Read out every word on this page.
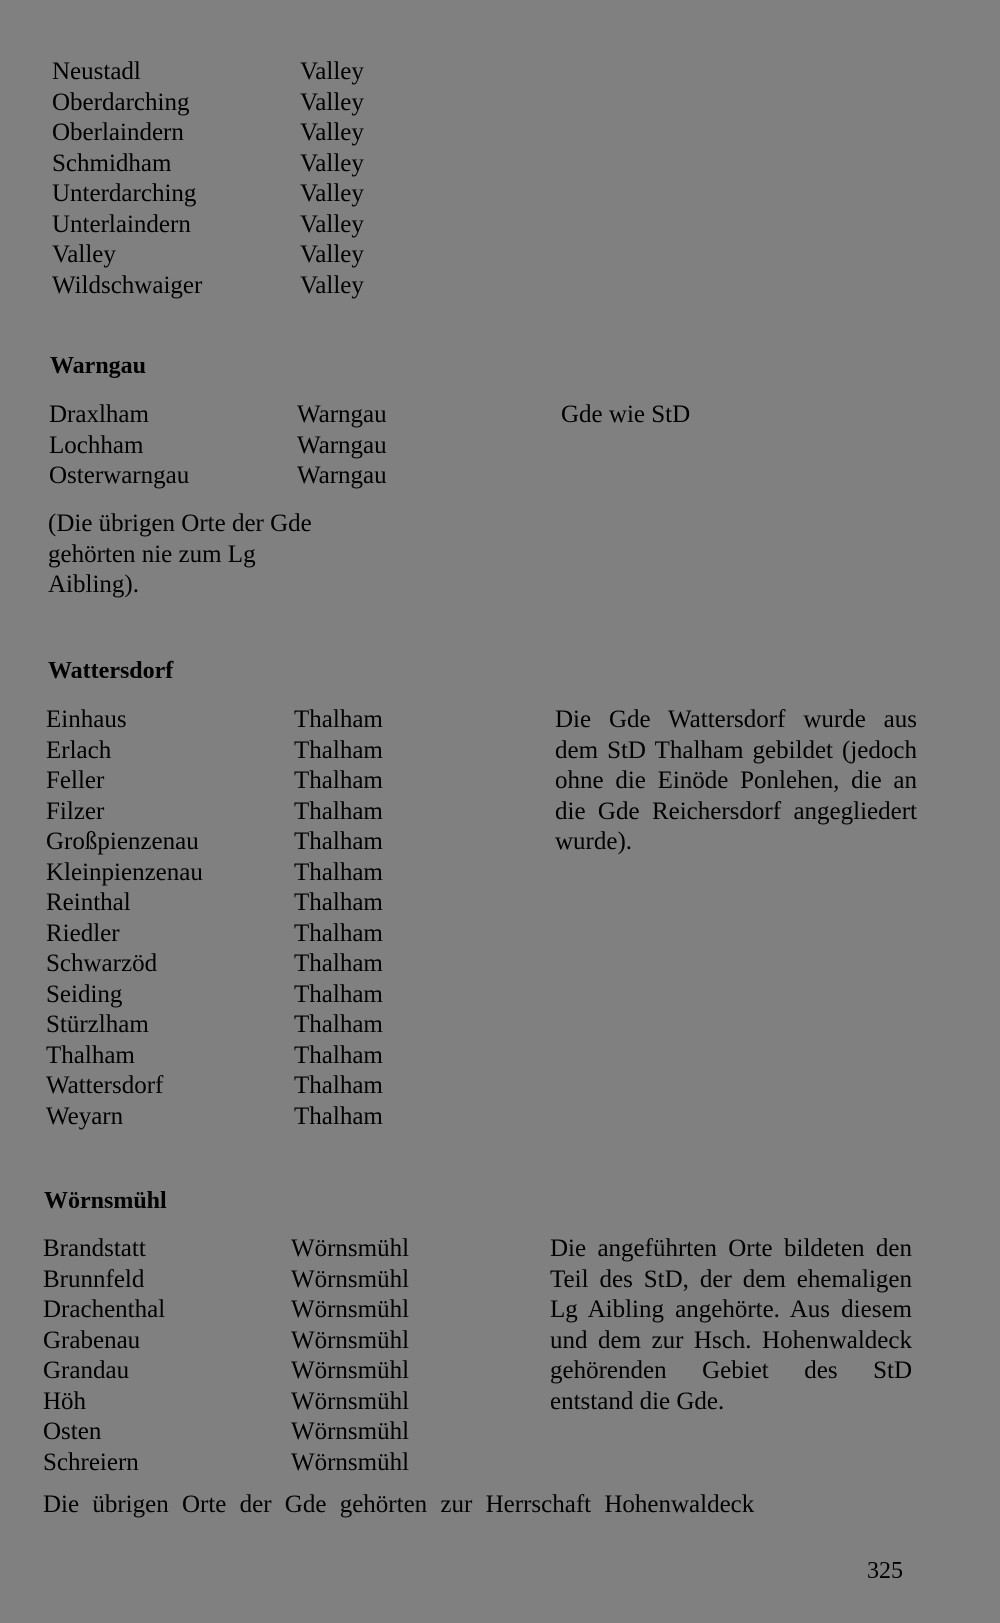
Neustadl	Valley
Oberdarching	Valley
Oberlaindern	Valley
Schmidham	Valley
Unterdarching	Valley
Unterlaindern	Valley
Valley	Valley
Wildschwaiger	Valley
Warngau
Draxlham	Warngau
Lochham	Warngau
Osterwarngau	Warngau
Gde wie StD
(Die übrigen Orte der Gde gehörten nie zum Lg Aibling).
Wattersdorf
Einhaus	Thalham
Erlach	Thalham
Feller	Thalham
Filzer	Thalham
Großpienzenau	Thalham
Kleinpienzenau	Thalham
Reinthal	Thalham
Riedler	Thalham
Schwarzöd	Thalham
Seiding	Thalham
Stürzlham	Thalham
Thalham	Thalham
Wattersdorf	Thalham
Weyarn	Thalham
Die Gde Wattersdorf wurde aus dem StD Thalham gebildet (jedoch ohne die Einöde Ponlehen, die an die Gde Reichersdorf angegliedert wurde).
Wörnsmühl
Brandstatt	Wörnsmühl
Brunnfeld	Wörnsmühl
Drachenthal	Wörnsmühl
Grabenau	Wörnsmühl
Grandau	Wörnsmühl
Höh	Wörnsmühl
Osten	Wörnsmühl
Schreiern	Wörnsmühl
Die angeführten Orte bildeten den Teil des StD, der dem ehemaligen Lg Aibling angehörte. Aus diesem und dem zur Hsch. Hohenwaldeck gehörenden Gebiet des StD entstand die Gde.
Die übrigen Orte der Gde gehörten zur Herrschaft Hohenwaldeck
325
